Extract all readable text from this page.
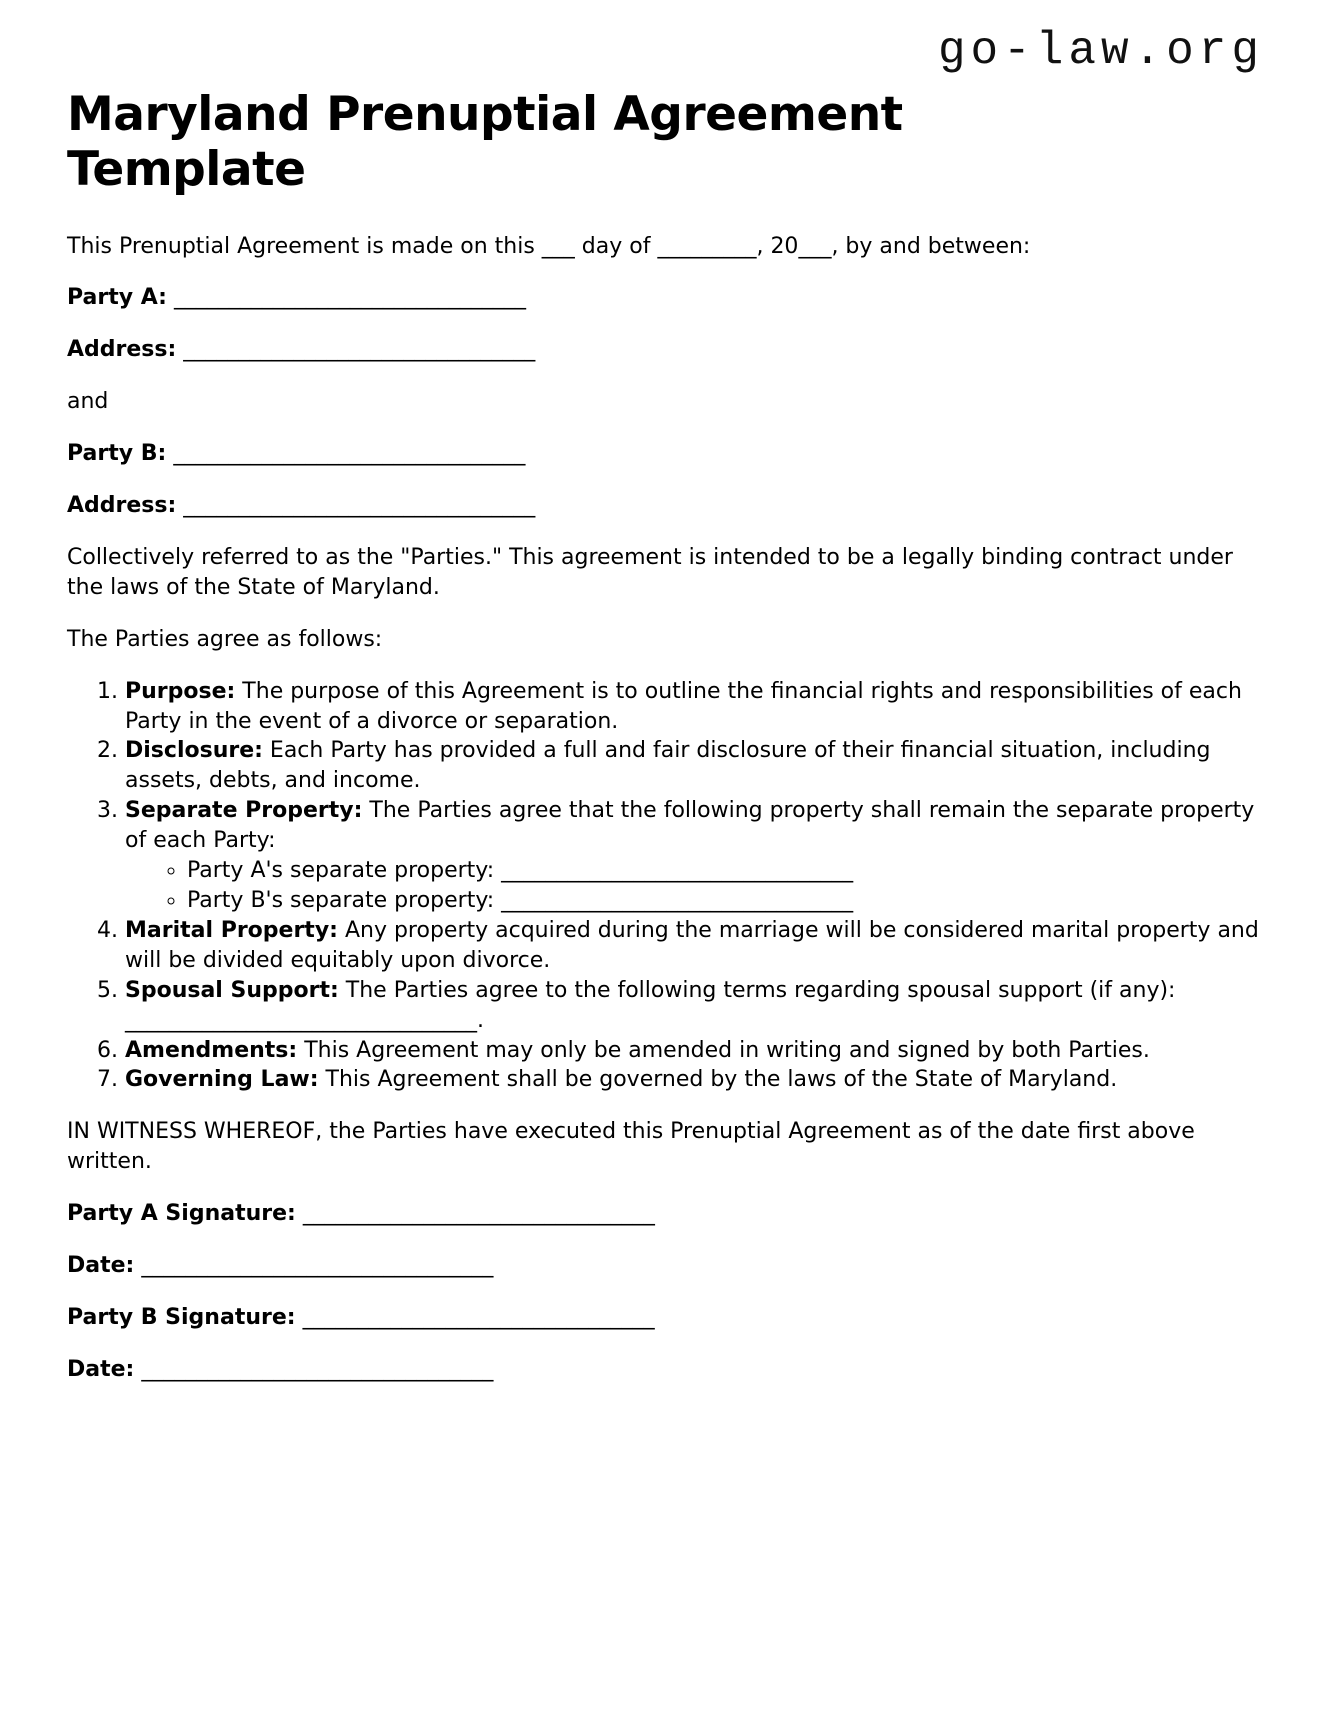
go-law.org
Maryland Prenuptial Agreement Template

This Prenuptial Agreement is made on this ___ day of _________, 20___, by and between:

Party A: ________________________________

Address: ________________________________

and

Party B: ________________________________

Address: ________________________________

Collectively referred to as the "Parties." This agreement is intended to be a legally binding contract under the laws of the State of Maryland.

The Parties agree as follows:

1. Purpose: The purpose of this Agreement is to outline the financial rights and responsibilities of each Party in the event of a divorce or separation.
2. Disclosure: Each Party has provided a full and fair disclosure of their financial situation, including assets, debts, and income.
3. Separate Property: The Parties agree that the following property shall remain the separate property of each Party:
◦ Party A's separate property: ________________________________
◦ Party B's separate property: ________________________________
4. Marital Property: Any property acquired during the marriage will be considered marital property and will be divided equitably upon divorce.
5. Spousal Support: The Parties agree to the following terms regarding spousal support (if any): ________________________________.
6. Amendments: This Agreement may only be amended in writing and signed by both Parties.
7. Governing Law: This Agreement shall be governed by the laws of the State of Maryland.

IN WITNESS WHEREOF, the Parties have executed this Prenuptial Agreement as of the date first above written.

Party A Signature: ________________________________

Date: ________________________________

Party B Signature: ________________________________

Date: ________________________________
